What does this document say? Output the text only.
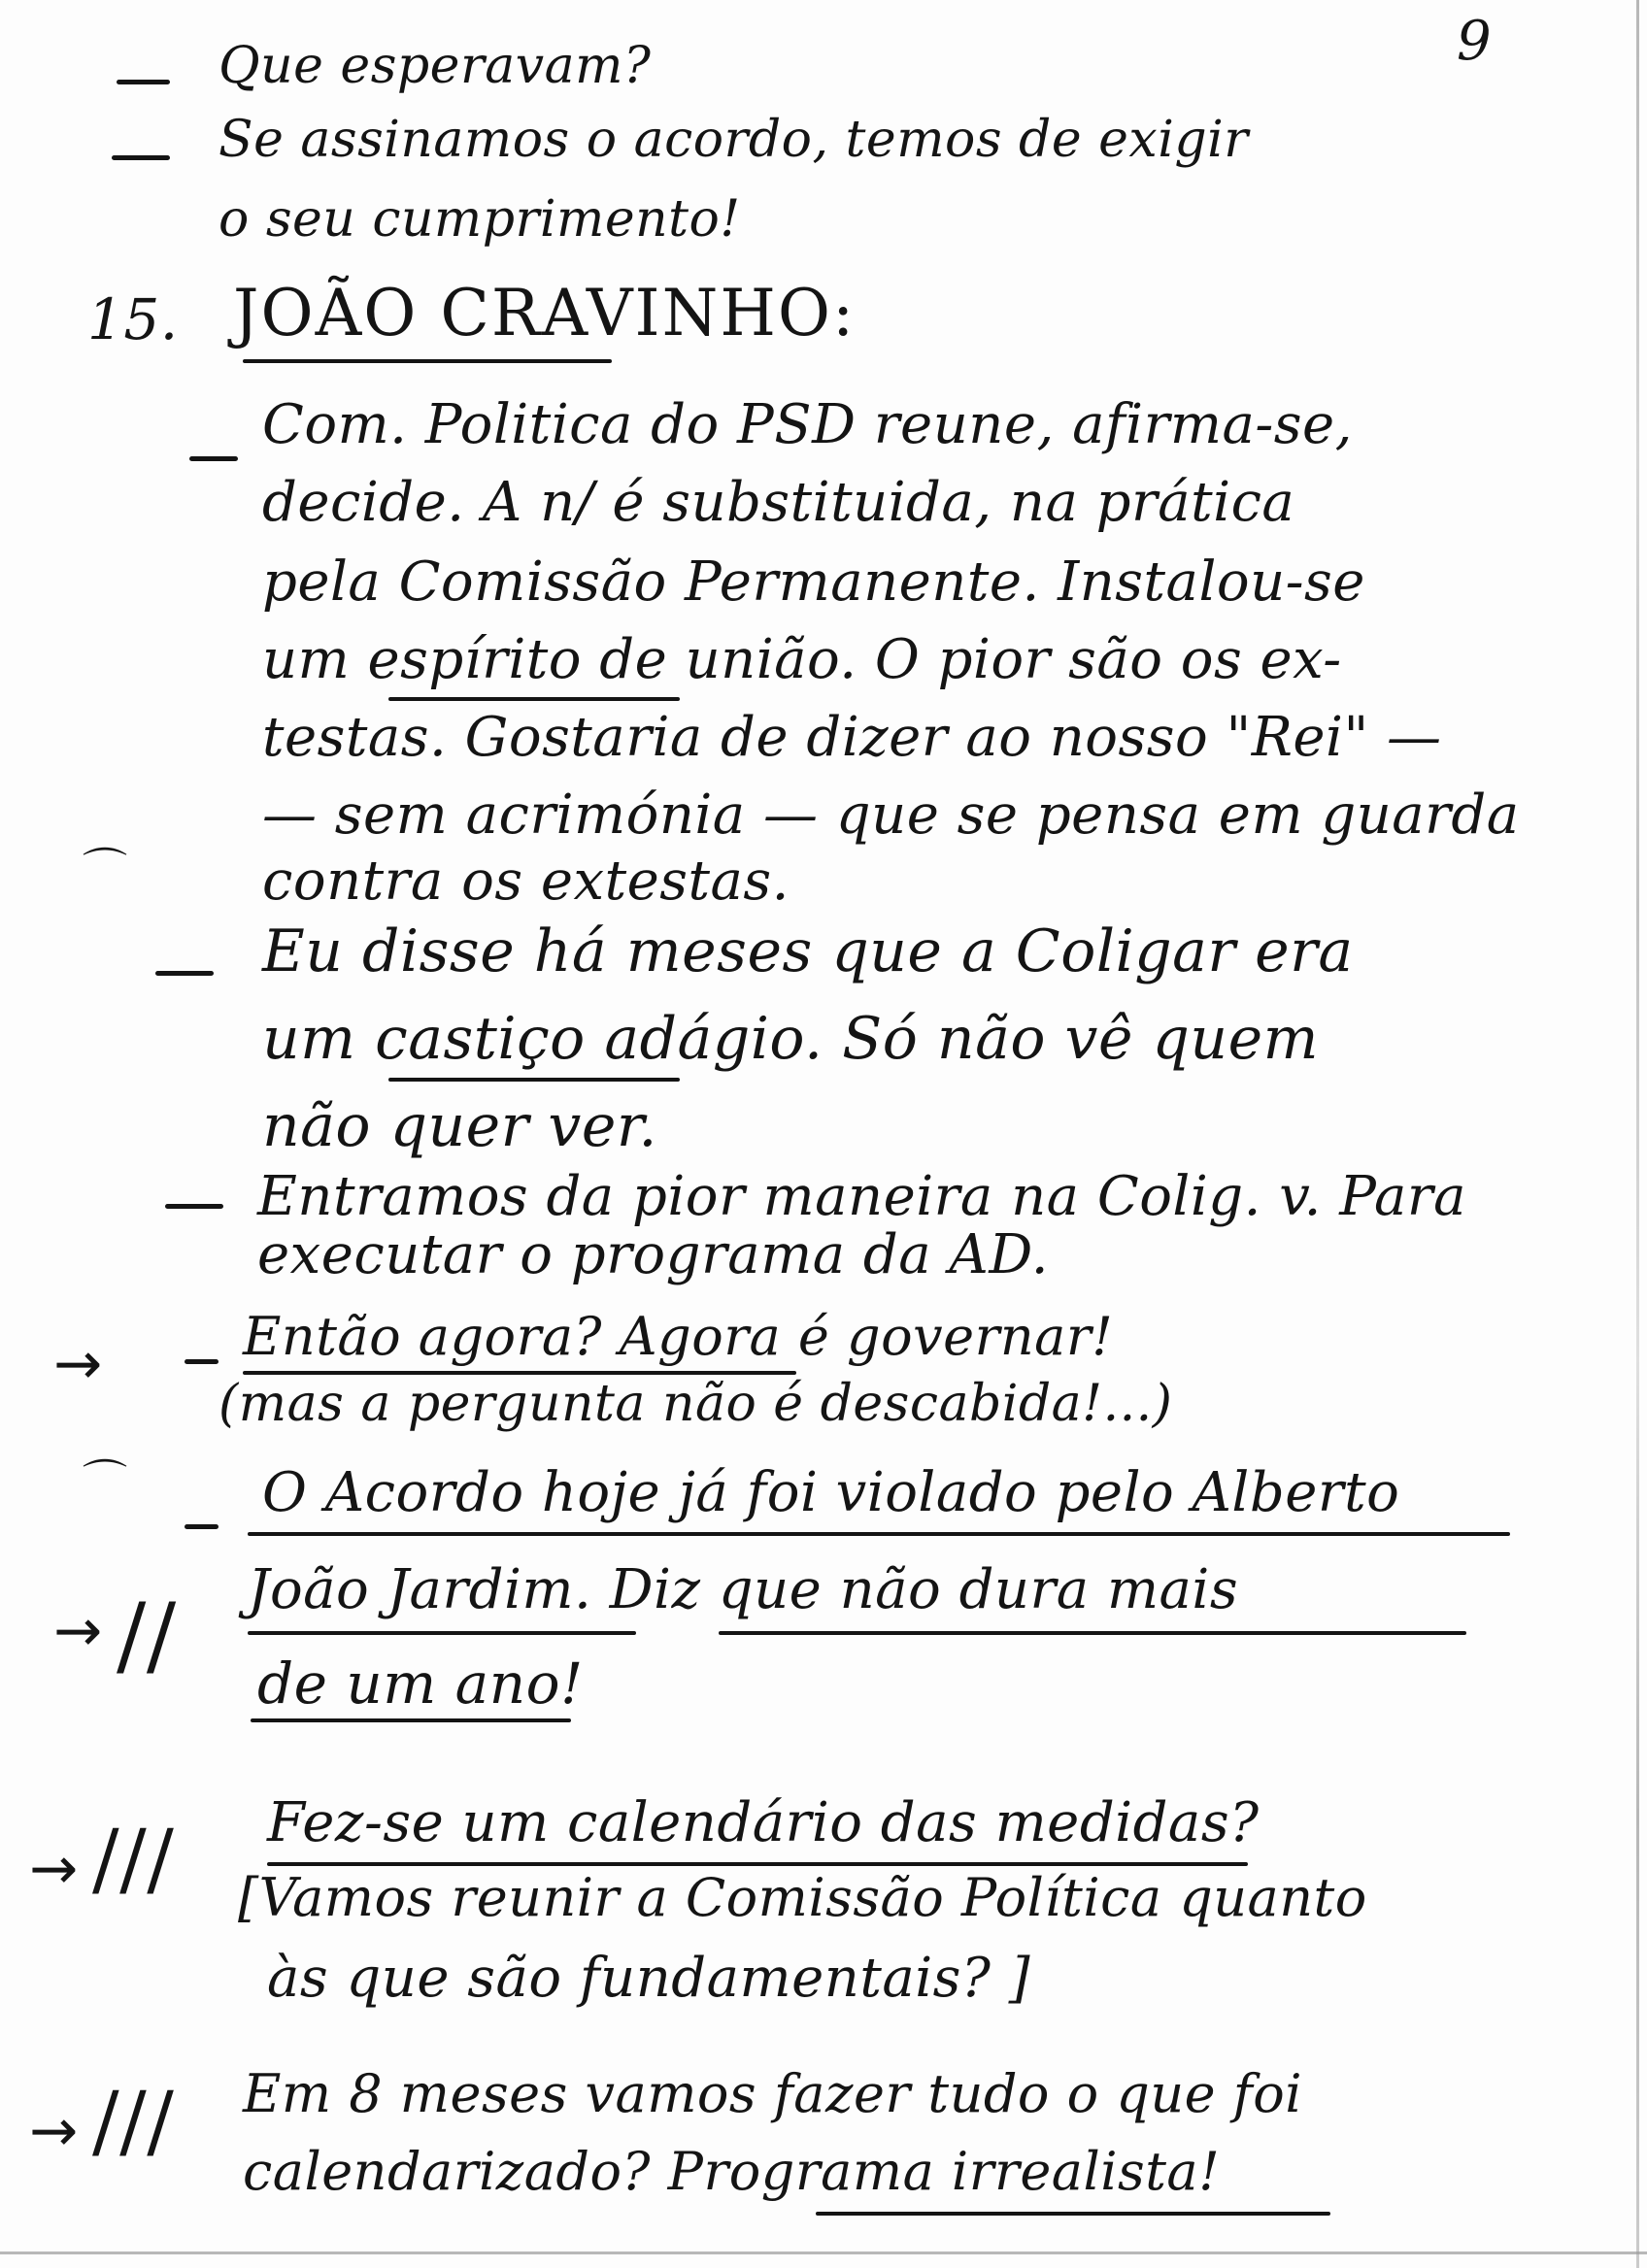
9
Que esperavam?
Se assinamos o acordo, temos de exigir
o seu cumprimento!
15. JOÃO CRAVINHO:
Com. Politica do PSD reune, afirma-se,
decide. A n/ é substituida, na prática
pela Comissão Permanente. Instalou-se
um espírito de união. O pior são os ex-
testas. Gostaria de dizer ao nosso "Rei" —
— sem acrimónia — que se pensa em guarda
⌒ contra os extestas.
Eu disse há meses que a Coligar era
um castiço adágio. Só não vê quem
não quer ver.
Entramos da pior maneira na Colig. v. Para
executar o programa da AD.
→	Então agora? Agora é governar!
(mas a pergunta não é descabida!...)
⌒ O Acordo hoje já foi violado pelo Alberto
→ // João Jardim. Diz que não dura mais
de um ano!
→ /// Fez-se um calendário das medidas?
[Vamos reunir a Comissão Política quanto
às que são fundamentais? ]
→ /// Em 8 meses vamos fazer tudo o que foi
calendarizado? Programa irrealista!
